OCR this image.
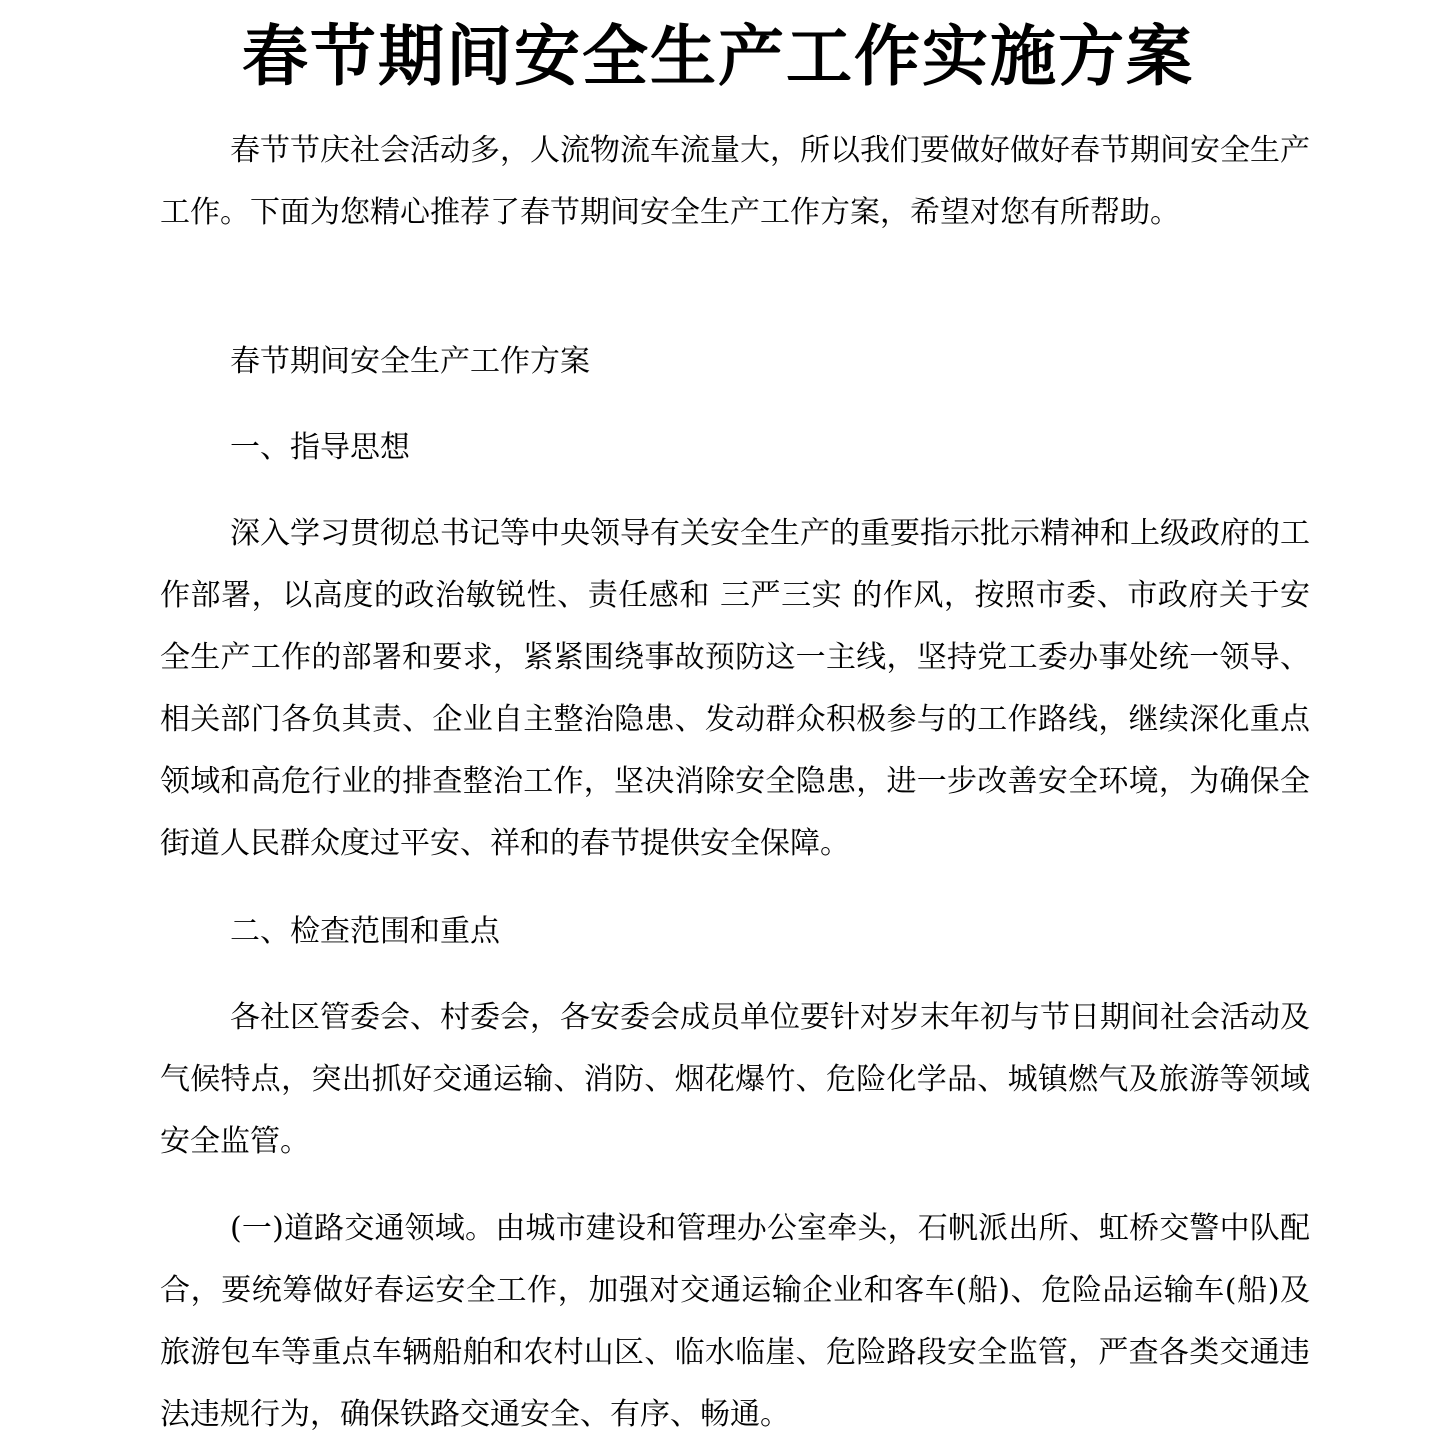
春节期间安全生产工作实施方案

春节节庆社会活动多，人流物流车流量大，所以我们要做好做好春节期间安全生产工作。下面为您精心推荐了春节期间安全生产工作方案，希望对您有所帮助。

春节期间安全生产工作方案

一、指导思想

深入学习贯彻总书记等中央领导有关安全生产的重要指示批示精神和上级政府的工作部署，以高度的政治敏锐性、责任感和 三严三实 的作风，按照市委、市政府关于安全生产工作的部署和要求，紧紧围绕事故预防这一主线，坚持党工委办事处统一领导、相关部门各负其责、企业自主整治隐患、发动群众积极参与的工作路线，继续深化重点领域和高危行业的排查整治工作，坚决消除安全隐患，进一步改善安全环境，为确保全街道人民群众度过平安、祥和的春节提供安全保障。

二、检查范围和重点

各社区管委会、村委会，各安委会成员单位要针对岁末年初与节日期间社会活动及气候特点，突出抓好交通运输、消防、烟花爆竹、危险化学品、城镇燃气及旅游等领域安全监管。

(一)道路交通领域。由城市建设和管理办公室牵头，石帆派出所、虹桥交警中队配合，要统筹做好春运安全工作，加强对交通运输企业和客车(船)、危险品运输车(船)及旅游包车等重点车辆船舶和农村山区、临水临崖、危险路段安全监管，严查各类交通违法违规行为，确保铁路交通安全、有序、畅通。
